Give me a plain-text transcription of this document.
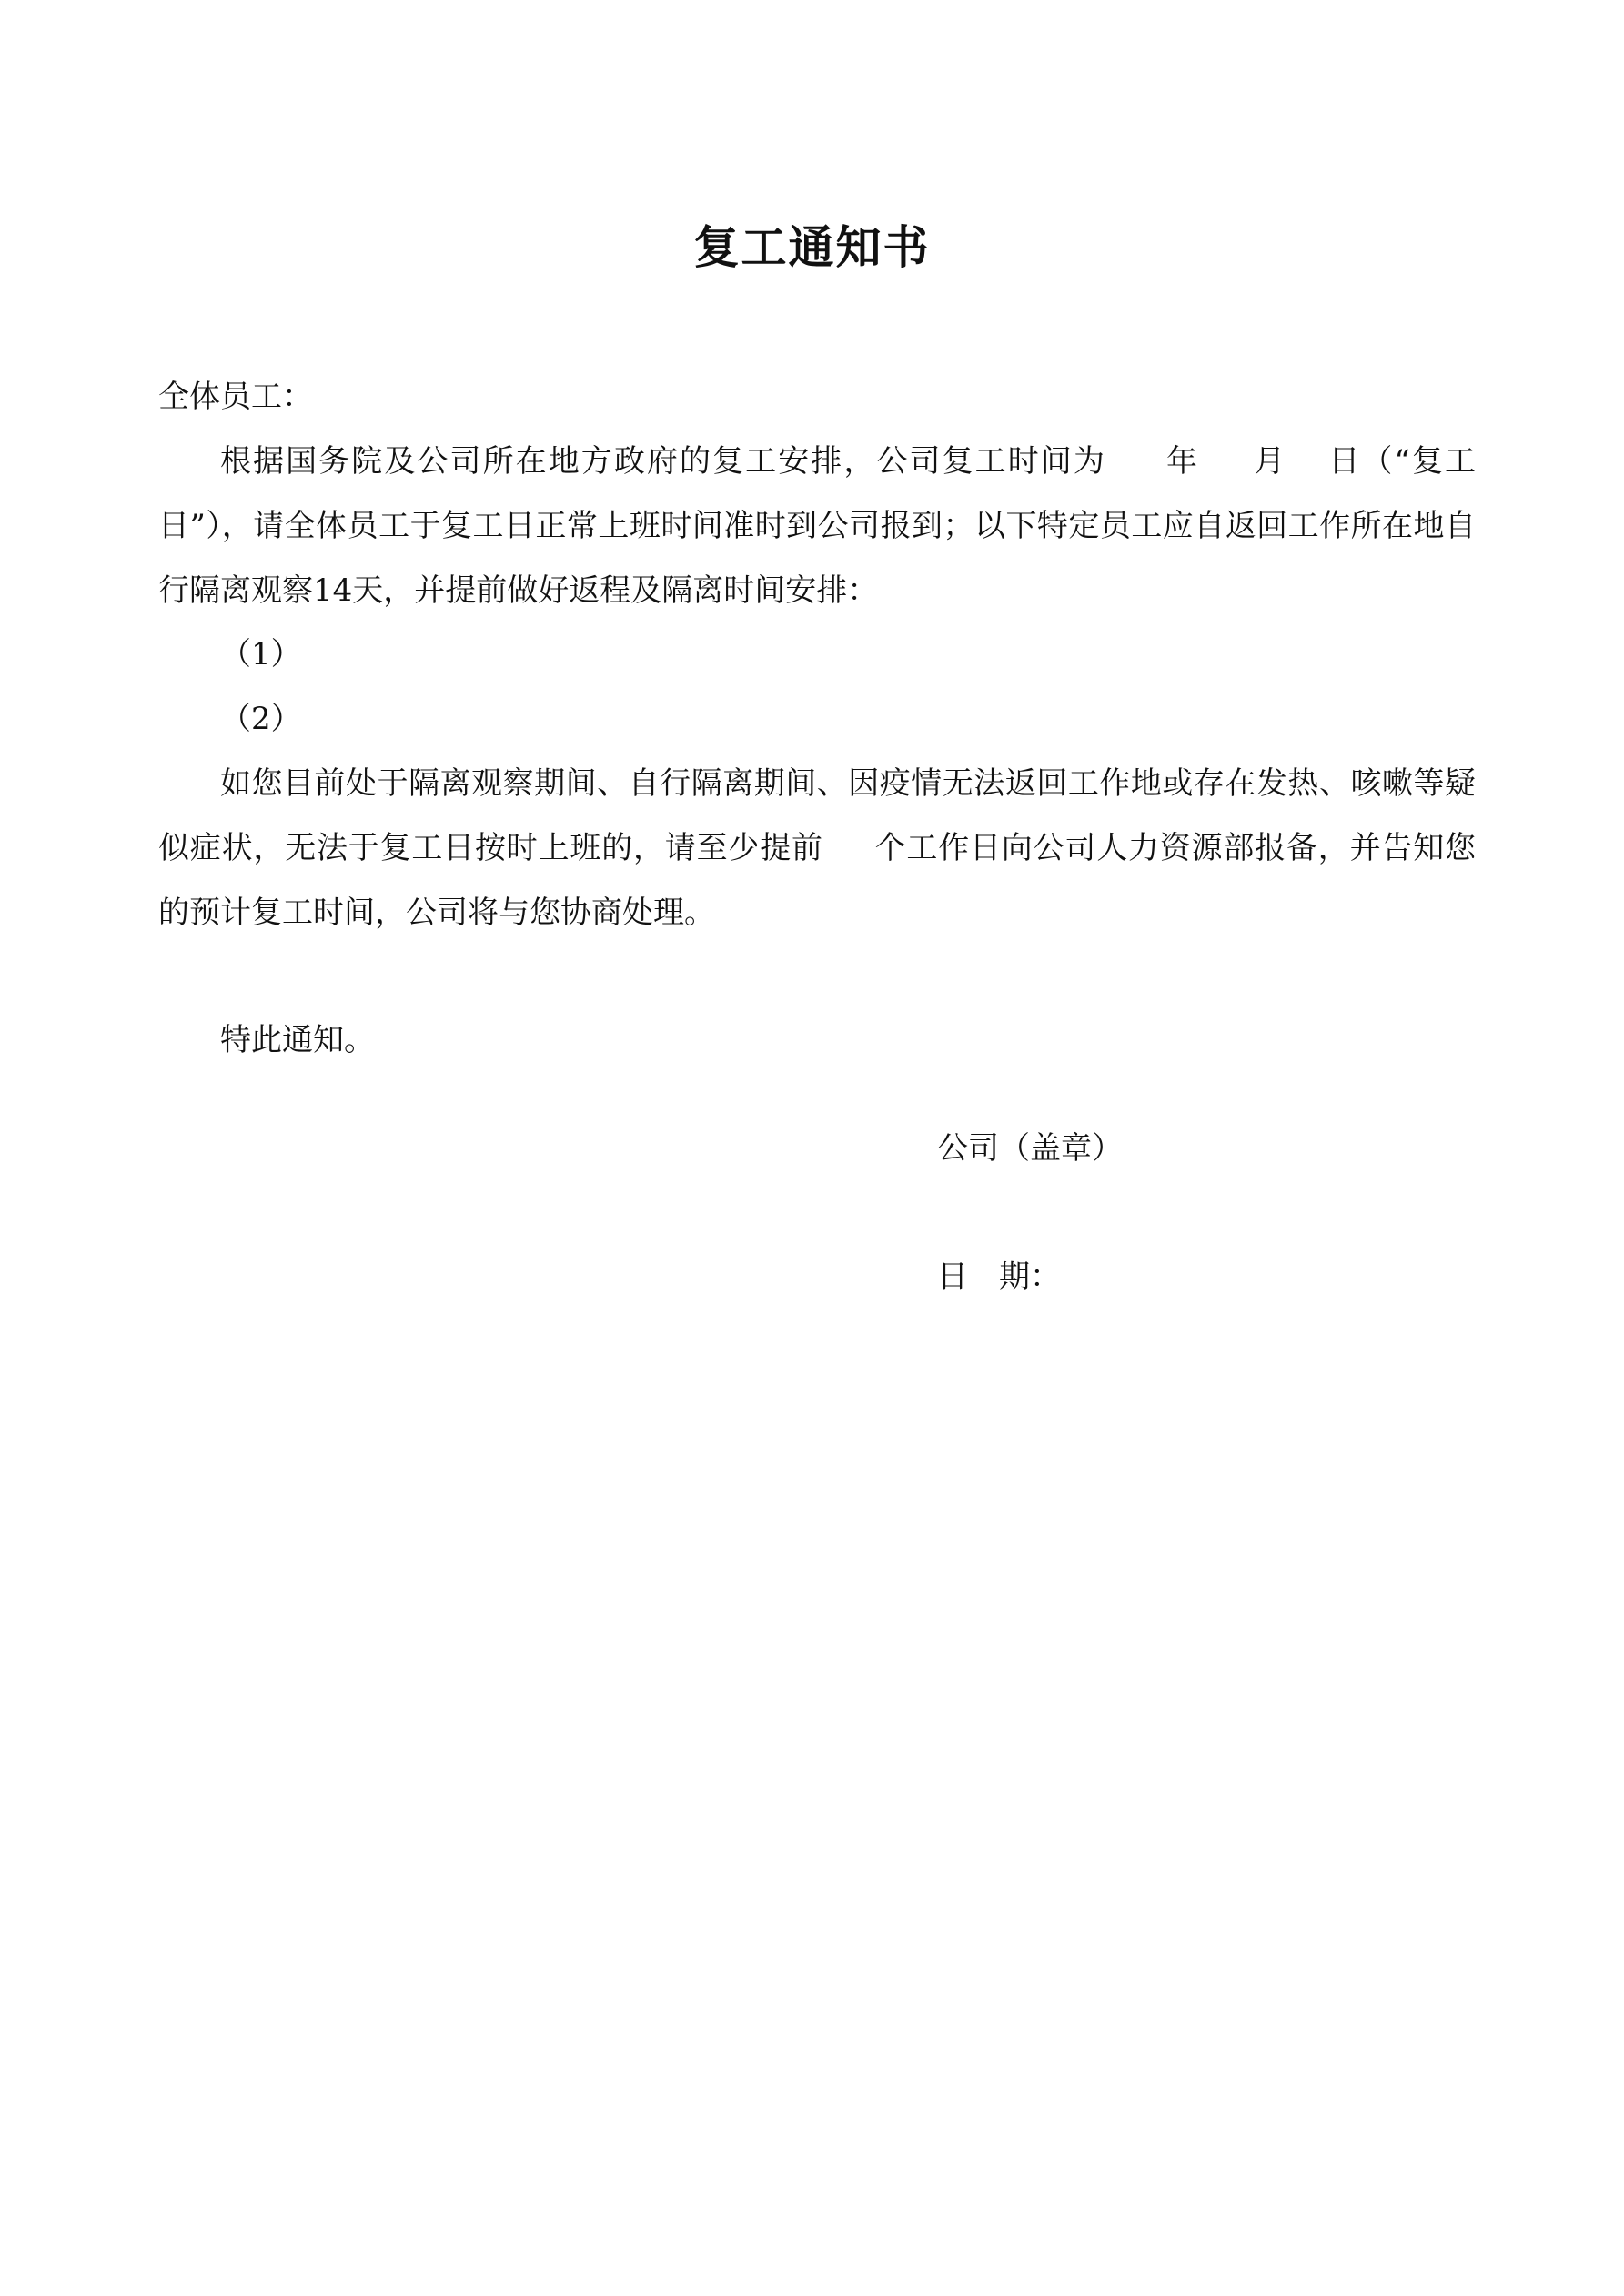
复工通知书

全体员工：

根据国务院及公司所在地方政府的复工安排，公司复工时间为 年 月 日（“复工日”），请全体员工于复工日正常上班时间准时到公司报到；以下特定员工应自返回工作所在地自行隔离观察14天，并提前做好返程及隔离时间安排：

（1）

（2）

如您目前处于隔离观察期间、自行隔离期间、因疫情无法返回工作地或存在发热、咳嗽等疑似症状，无法于复工日按时上班的，请至少提前 个工作日向公司人力资源部报备，并告知您的预计复工时间，公司将与您协商处理。

特此通知。

公司（盖章）

日　期：
